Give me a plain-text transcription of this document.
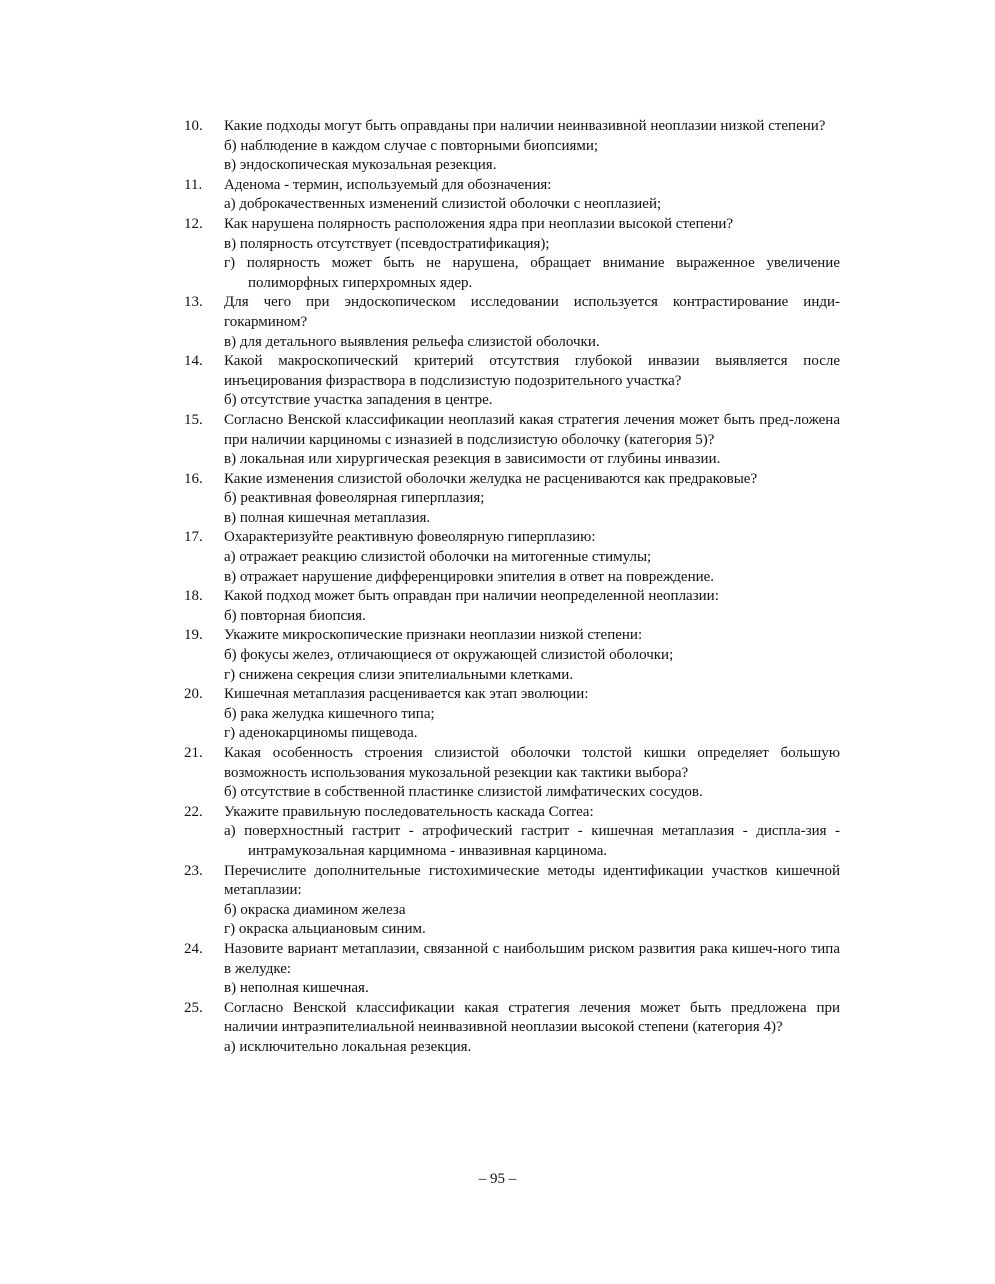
10.	Какие подходы могут быть оправданы при наличии неинвазивной неоплазии низкой степени?
б) наблюдение в каждом случае с повторными биопсиями;
в) эндоскопическая мукозальная резекция.
11.	Аденома - термин, используемый для обозначения:
а) доброкачественных изменений слизистой оболочки с неоплазией;
12.	Как нарушена полярность расположения ядра при неоплазии высокой степени?
в) полярность отсутствует (псевдостратификация);
г) полярность может быть не нарушена, обращает внимание выраженное увеличение полиморфных гиперхромных ядер.
13.	Для чего при эндоскопическом исследовании используется контрастирование инди-гокармином?
в) для детального выявления рельефа слизистой оболочки.
14.	Какой макроскопический критерий отсутствия глубокой инвазии выявляется после инъецирования физраствора в подслизистую подозрительного участка?
б) отсутствие участка западения в центре.
15.	Согласно Венской классификации неоплазий какая стратегия лечения может быть пред-ложена при наличии карциномы с изназией в подслизистую оболочку (категория 5)?
в) локальная или хирургическая резекция в зависимости от глубины инвазии.
16.	Какие изменения слизистой оболочки желудка не расцениваются как предраковые?
б) реактивная фовеолярная гиперплазия;
в) полная кишечная метаплазия.
17.	Охарактеризуйте реактивную фовеолярную гиперплазию:
а) отражает реакцию слизистой оболочки на митогенные стимулы;
в) отражает нарушение дифференцировки эпителия в ответ на повреждение.
18.	Какой подход может быть оправдан при наличии неопределенной неоплазии:
б) повторная биопсия.
19.	Укажите микроскопические признаки неоплазии низкой степени:
б) фокусы желез, отличающиеся от окружающей слизистой оболочки;
г) снижена секреция слизи эпителиальными клетками.
20.	Кишечная метаплазия расценивается как этап эволюции:
б) рака желудка кишечного типа;
г) аденокарциномы пищевода.
21.	Какая особенность строения слизистой оболочки толстой кишки определяет большую возможность использования мукозальной резекции как тактики выбора?
б) отсутствие в собственной пластинке слизистой лимфатических сосудов.
22.	Укажите правильную последовательность каскада Correa:
а) поверхностный гастрит - атрофический гастрит - кишечная метаплазия - диспла-зия - интрамукозальная карцимнома - инвазивная карцинома.
23.	Перечислите дополнительные гистохимические методы идентификации участков кишечной метаплазии:
б) окраска диамином железа
г) окраска альциановым синим.
24.	Назовите вариант метаплазии, связанной с наибольшим риском развития рака кишеч-ного типа в желудке:
в) неполная кишечная.
25.	Согласно Венской классификации какая стратегия лечения может быть предложена при наличии интраэпителиальной неинвазивной неоплазии высокой степени (категория 4)?
а) исключительно локальная резекция.
– 95 –
